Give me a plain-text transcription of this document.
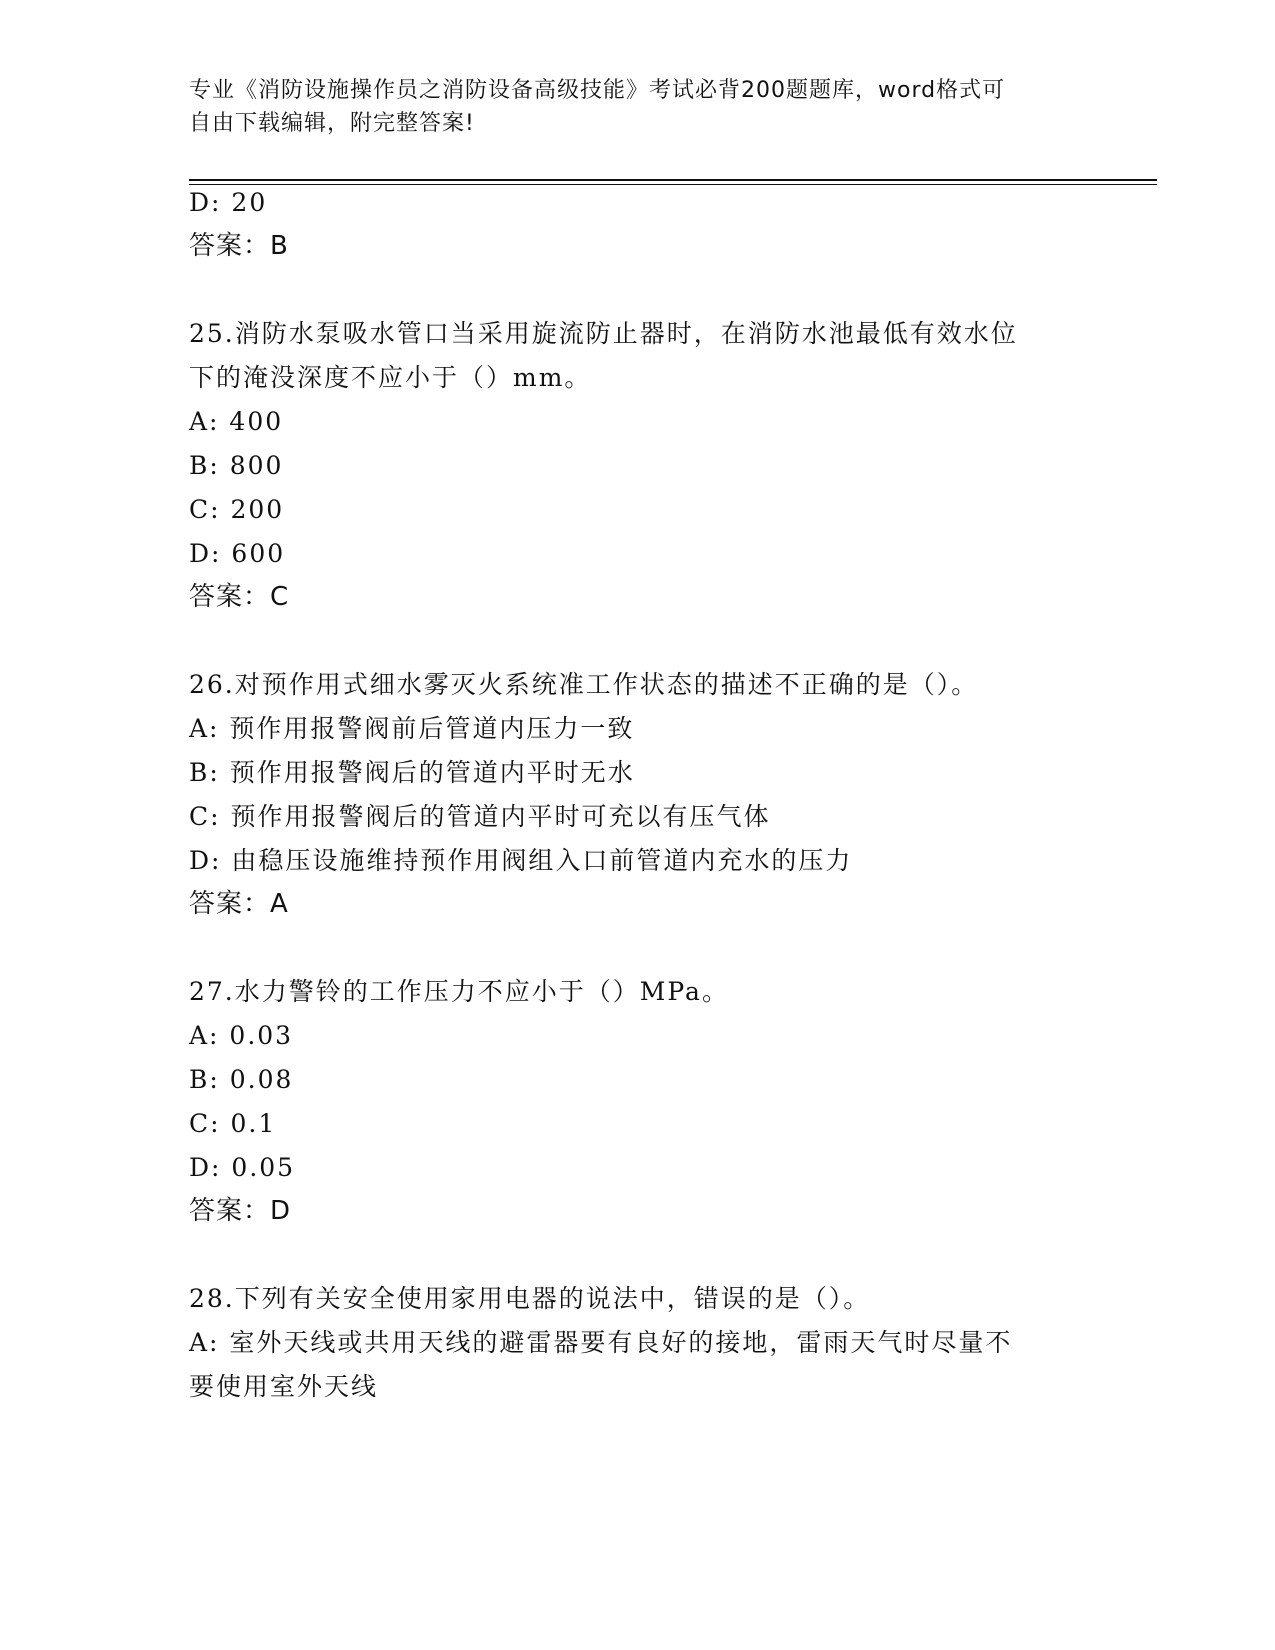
专业《消防设施操作员之消防设备高级技能》考试必背200题题库，word格式可
自由下载编辑，附完整答案!
D: 20
答案：B
25.消防水泵吸水管口当采用旋流防止器时，在消防水池最低有效水位
下的淹没深度不应小于（）mm。
A: 400
B: 800
C: 200
D: 600
答案：C
26.对预作用式细水雾灭火系统准工作状态的描述不正确的是（）。
A: 预作用报警阀前后管道内压力一致
B: 预作用报警阀后的管道内平时无水
C: 预作用报警阀后的管道内平时可充以有压气体
D: 由稳压设施维持预作用阀组入口前管道内充水的压力
答案：A
27.水力警铃的工作压力不应小于（）MPa。
A: 0.03
B: 0.08
C: 0.1
D: 0.05
答案：D
28.下列有关安全使用家用电器的说法中，错误的是（）。
A: 室外天线或共用天线的避雷器要有良好的接地，雷雨天气时尽量不
要使用室外天线
